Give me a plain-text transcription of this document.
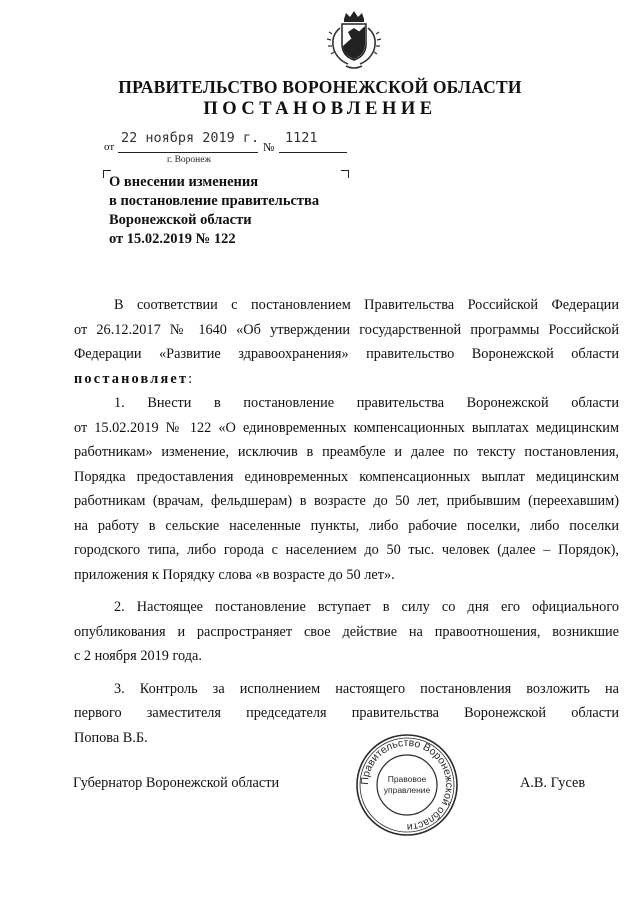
ПРАВИТЕЛЬСТВО ВОРОНЕЖСКОЙ ОБЛАСТИ
ПОСТАНОВЛЕНИЕ
от
22 ноября 2019 г.
№
1121
г. Воронеж
О внесении изменения
в постановление правительства
Воронежской области
от 15.02.2019 № 122
В соответствии с постановлением Правительства Российской Федерации
от 26.12.2017 № 1640 «Об утверждении государственной программы Российской
Федерации «Развитие здравоохранения» правительство Воронежской области
постановляет:
1. Внести в постановление правительства Воронежской области
от 15.02.2019 № 122 «О единовременных компенсационных выплатах медицинским
работникам» изменение, исключив в преамбуле и далее по тексту постановления,
Порядка предоставления единовременных компенсационных выплат медицинским
работникам (врачам, фельдшерам) в возрасте до 50 лет, прибывшим (переехавшим)
на работу в сельские населенные пункты, либо рабочие поселки, либо поселки
городского типа, либо города с населением до 50 тыс. человек (далее – Порядок),
приложения к Порядку слова «в возрасте до 50 лет».
2. Настоящее постановление вступает в силу со дня его официального
опубликования и распространяет свое действие на правоотношения, возникшие
с 2 ноября 2019 года.
3. Контроль за исполнением настоящего постановления возложить на
первого заместителя председателя правительства Воронежской области
Попова В.Б.
Губернатор Воронежской области	А.В. Гусев
Правительство Воронежской области
Правовое
управление
